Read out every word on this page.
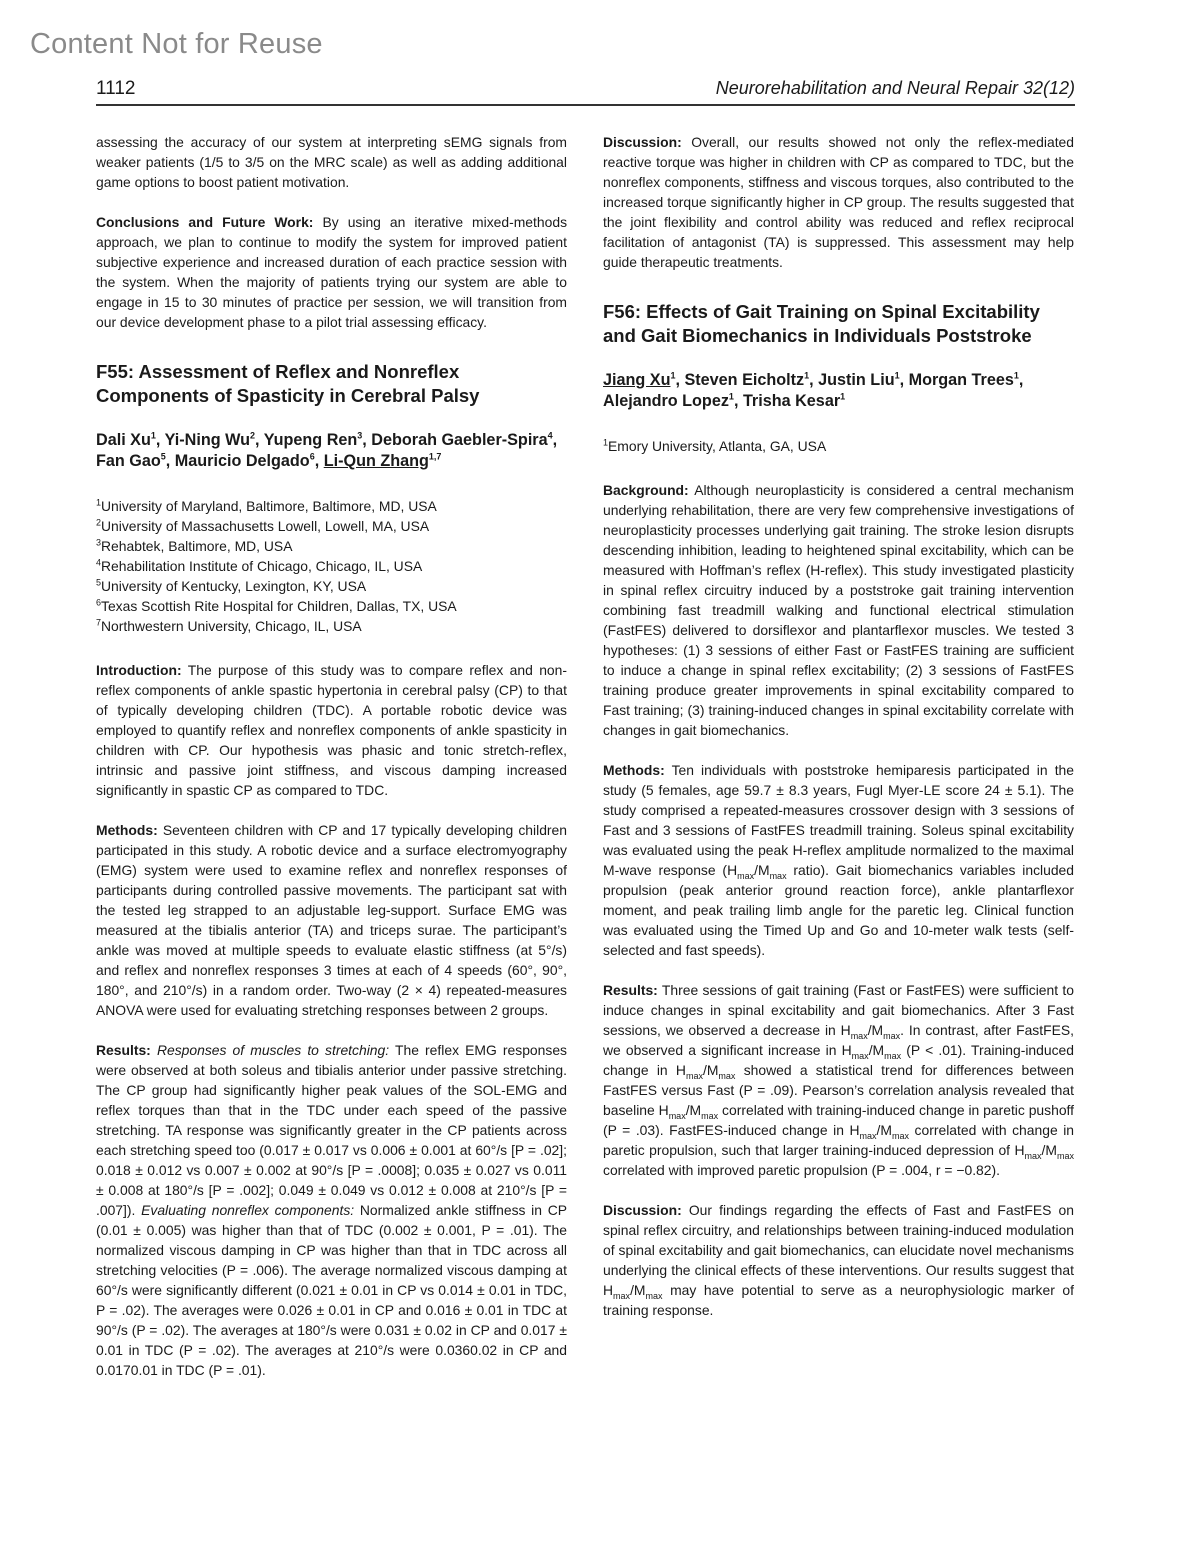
Content Not for Reuse
1112	Neurorehabilitation and Neural Repair 32(12)

assessing the accuracy of our system at interpreting sEMG signals from weaker patients (1/5 to 3/5 on the MRC scale) as well as adding additional game options to boost patient motivation.

Conclusions and Future Work: By using an iterative mixed-methods approach, we plan to continue to modify the system for improved patient subjective experience and increased duration of each practice session with the system. When the majority of patients trying our system are able to engage in 15 to 30 minutes of practice per session, we will transition from our device development phase to a pilot trial assessing efficacy.

F55: Assessment of Reflex and Nonreflex Components of Spasticity in Cerebral Palsy
Dali Xu$^1$, Yi-Ning Wu$^2$, Yupeng Ren$^3$, Deborah Gaebler-Spira$^4$, Fan Gao$^5$, Mauricio Delgado$^6$, Li-Qun Zhang$^{1,7}$
$^1$University of Maryland, Baltimore, Baltimore, MD, USA
$^2$University of Massachusetts Lowell, Lowell, MA, USA
$^3$Rehabtek, Baltimore, MD, USA
$^4$Rehabilitation Institute of Chicago, Chicago, IL, USA
$^5$University of Kentucky, Lexington, KY, USA
$^6$Texas Scottish Rite Hospital for Children, Dallas, TX, USA
$^7$Northwestern University, Chicago, IL, USA

Introduction: The purpose of this study was to compare reflex and non-reflex components of ankle spastic hypertonia in cerebral palsy (CP) to that of typically developing children (TDC). A portable robotic device was employed to quantify reflex and nonreflex components of ankle spasticity in children with CP. Our hypothesis was phasic and tonic stretch-reflex, intrinsic and passive joint stiffness, and viscous damping increased significantly in spastic CP as compared to TDC.

Methods: Seventeen children with CP and 17 typically developing children participated in this study. A robotic device and a surface electromyography (EMG) system were used to examine reflex and nonreflex responses of participants during controlled passive movements. The participant sat with the tested leg strapped to an adjustable leg-support. Surface EMG was measured at the tibialis anterior (TA) and triceps surae. The participant’s ankle was moved at multiple speeds to evaluate elastic stiffness (at 5°/s) and reflex and nonreflex responses 3 times at each of 4 speeds (60°, 90°, 180°, and 210°/s) in a random order. Two-way (2 × 4) repeated-measures ANOVA were used for evaluating stretching responses between 2 groups.

Results: Responses of muscles to stretching: The reflex EMG responses were observed at both soleus and tibialis anterior under passive stretching. The CP group had significantly higher peak values of the SOL-EMG and reflex torques than that in the TDC under each speed of the passive stretching. TA response was significantly greater in the CP patients across each stretching speed too (0.017 ± 0.017 vs 0.006 ± 0.001 at 60°/s [P = .02]; 0.018 ± 0.012 vs 0.007 ± 0.002 at 90°/s [P = .0008]; 0.035 ± 0.027 vs 0.011 ± 0.008 at 180°/s [P = .002]; 0.049 ± 0.049 vs 0.012 ± 0.008 at 210°/s [P = .007]). Evaluating nonreflex components: Normalized ankle stiffness in CP (0.01 ± 0.005) was higher than that of TDC (0.002 ± 0.001, P = .01). The normalized viscous damping in CP was higher than that in TDC across all stretching velocities (P = .006). The average normalized viscous damping at 60°/s were significantly different (0.021 ± 0.01 in CP vs 0.014 ± 0.01 in TDC, P = .02). The averages were 0.026 ± 0.01 in CP and 0.016 ± 0.01 in TDC at 90°/s (P = .02). The averages at 180°/s were 0.031 ± 0.02 in CP and 0.017 ± 0.01 in TDC (P = .02). The averages at 210°/s were 0.0360.02 in CP and 0.0170.01 in TDC (P = .01).

Discussion: Overall, our results showed not only the reflex-mediated reactive torque was higher in children with CP as compared to TDC, but the nonreflex components, stiffness and viscous torques, also contributed to the increased torque significantly higher in CP group. The results suggested that the joint flexibility and control ability was reduced and reflex reciprocal facilitation of antagonist (TA) is suppressed. This assessment may help guide therapeutic treatments.

F56: Effects of Gait Training on Spinal Excitability and Gait Biomechanics in Individuals Poststroke
Jiang Xu$^1$, Steven Eicholtz$^1$, Justin Liu$^1$, Morgan Trees$^1$, Alejandro Lopez$^1$, Trisha Kesar$^1$
$^1$Emory University, Atlanta, GA, USA

Background: Although neuroplasticity is considered a central mechanism underlying rehabilitation, there are very few comprehensive investigations of neuroplasticity processes underlying gait training. The stroke lesion disrupts descending inhibition, leading to heightened spinal excitability, which can be measured with Hoffman’s reflex (H-reflex). This study investigated plasticity in spinal reflex circuitry induced by a poststroke gait training intervention combining fast treadmill walking and functional electrical stimulation (FastFES) delivered to dorsiflexor and plantarflexor muscles. We tested 3 hypotheses: (1) 3 sessions of either Fast or FastFES training are sufficient to induce a change in spinal reflex excitability; (2) 3 sessions of FastFES training produce greater improvements in spinal excitability compared to Fast training; (3) training-induced changes in spinal excitability correlate with changes in gait biomechanics.

Methods: Ten individuals with poststroke hemiparesis participated in the study (5 females, age 59.7 ± 8.3 years, Fugl Myer-LE score 24 ± 5.1). The study comprised a repeated-measures crossover design with 3 sessions of Fast and 3 sessions of FastFES treadmill training. Soleus spinal excitability was evaluated using the peak H-reflex amplitude normalized to the maximal M-wave response ($H_{max}/M_{max}$ ratio). Gait biomechanics variables included propulsion (peak anterior ground reaction force), ankle plantarflexor moment, and peak trailing limb angle for the paretic leg. Clinical function was evaluated using the Timed Up and Go and 10-meter walk tests (self-selected and fast speeds).

Results: Three sessions of gait training (Fast or FastFES) were sufficient to induce changes in spinal excitability and gait biomechanics. After 3 Fast sessions, we observed a decrease in $H_{max}/M_{max}$. In contrast, after FastFES, we observed a significant increase in $H_{max}/M_{max}$ (P < .01). Training-induced change in $H_{max}/M_{max}$ showed a statistical trend for differences between FastFES versus Fast (P = .09). Pearson’s correlation analysis revealed that baseline $H_{max}/M_{max}$ correlated with training-induced change in paretic pushoff (P = .03). FastFES-induced change in $H_{max}/M_{max}$ correlated with change in paretic propulsion, such that larger training-induced depression of $H_{max}/M_{max}$ correlated with improved paretic propulsion (P = .004, r = −0.82).

Discussion: Our findings regarding the effects of Fast and FastFES on spinal reflex circuitry, and relationships between training-induced modulation of spinal excitability and gait biomechanics, can elucidate novel mechanisms underlying the clinical effects of these interventions. Our results suggest that $H_{max}/M_{max}$ may have potential to serve as a neurophysiologic marker of training response.
